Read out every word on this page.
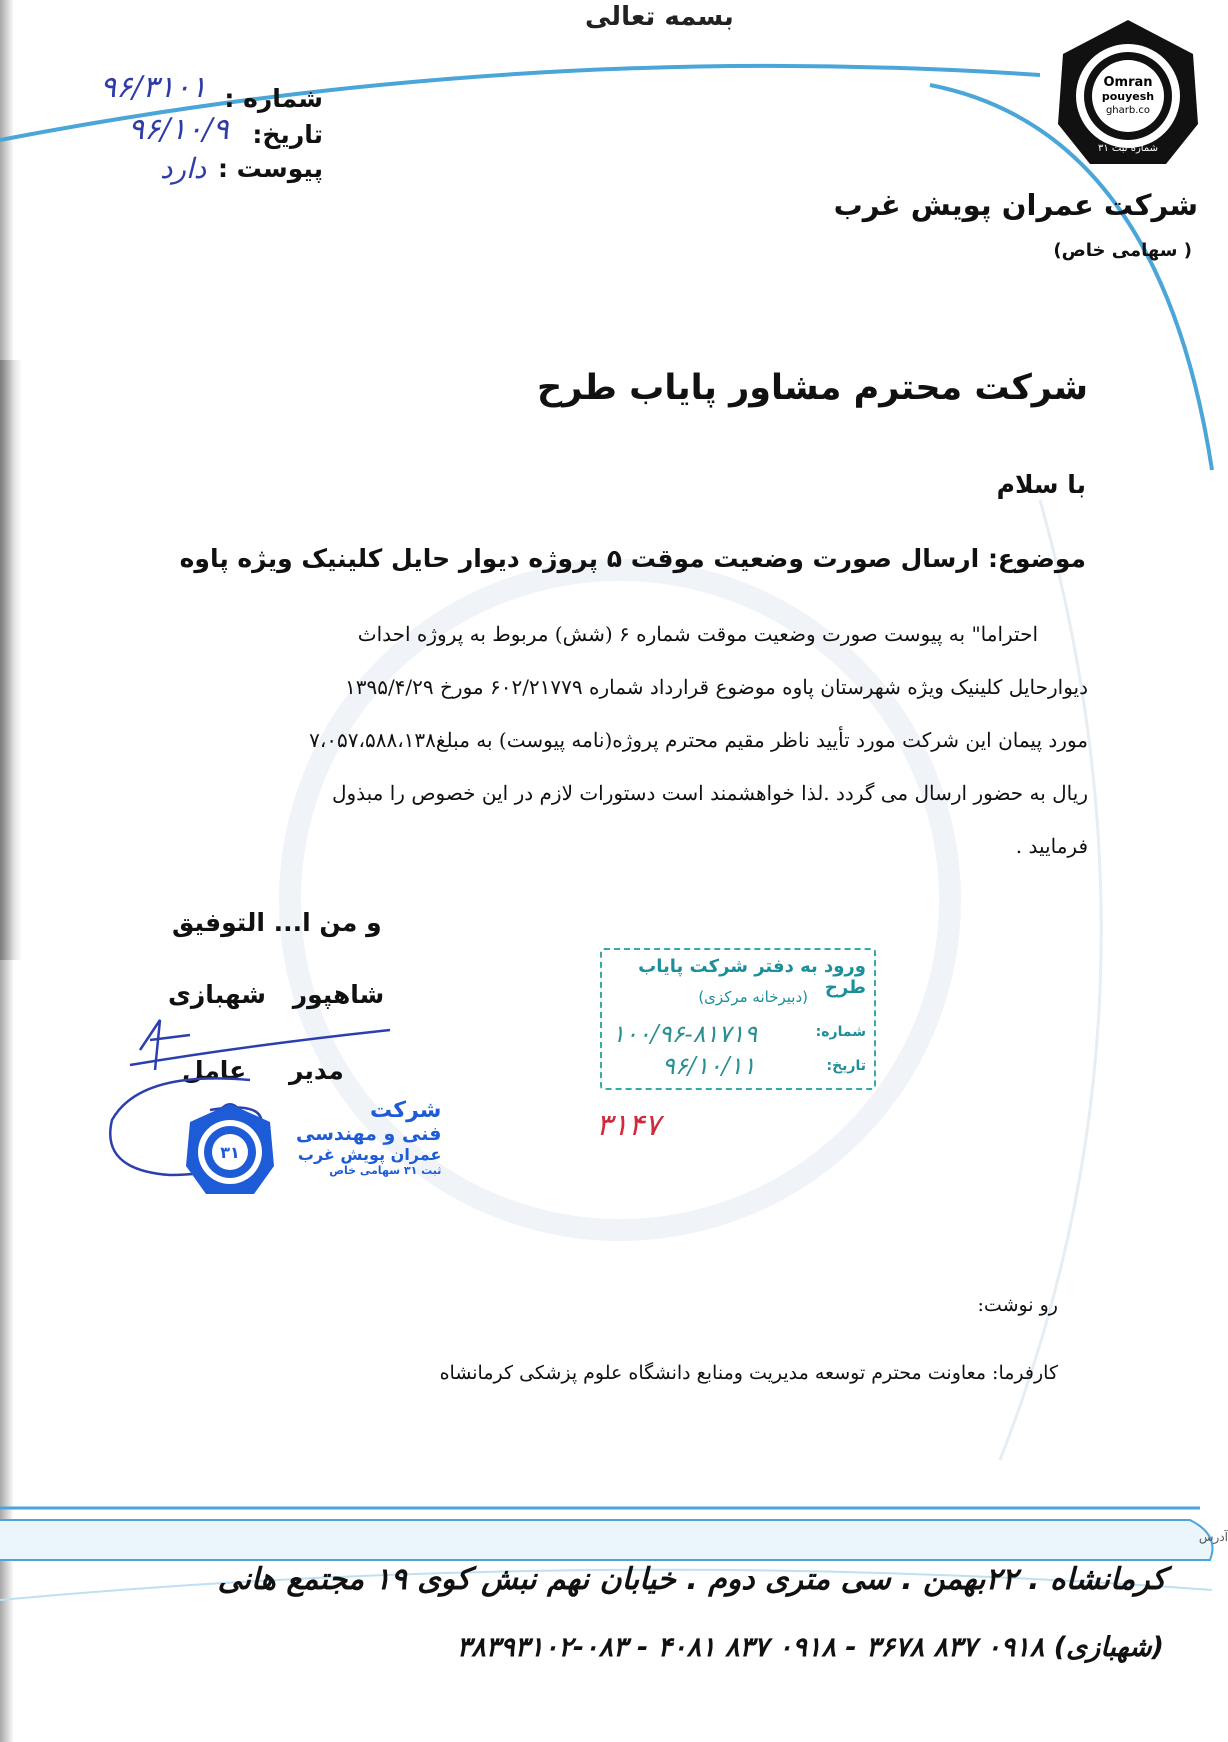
بسمه تعالی
Omran
pouyesh
gharb.co
شماره ثبت ۳۱
شرکت عمران پویش غرب
( سهامی خاص)
شماره :
۹۶/۳۱۰۱
تاریخ:
۹۶/۱۰/۹
پیوست :
دارد
شرکت محترم مشاور پایاب طرح
با سلام
موضوع: ارسال صورت وضعیت موقت ۵ پروژه دیوار حایل کلینیک ویژه پاوه

احتراما" به پیوست صورت وضعیت موقت شماره ۶ (شش) مربوط به پروژه احداث

دیوارحایل کلینیک ویژه شهرستان پاوه موضوع قرارداد شماره ۶۰۲/۲۱۷۷۹ مورخ ۱۳۹۵/۴/۲۹

مورد پیمان این شرکت مورد تأیید ناظر مقیم محترم پروژه(نامه پیوست) به مبلغ۷،۰۵۷،۵۸۸،۱۳۸

ریال به حضور ارسال می گردد .لذا خواهشمند است دستورات لازم در این خصوص را مبذول

فرمایید .

و من ا... التوفیق
شاهپور شهبازی
مدیر عامل
۳۱
شرکت
فنی و مهندسی
عمران پویش غرب
ثبت ۳۱ سهامی خاص
ورود به دفتر شرکت پایاب طرح
(دبیرخانه مرکزی)
شماره:
۱۰۰/۹۶-۸۱۷۱۹
تاریخ:
۹۶/۱۰/۱۱
۳۱۴۷
رو نوشت:
کارفرما: معاونت محترم توسعه مدیریت ومنابع دانشگاه علوم پزشکی کرمانشاه
آدرس
کرمانشاه . ۲۲بهمن . سی متری دوم . خیابان نهم نبش کوی ۱۹ مجتمع هانی
(شهبازی) ۰۹۱۸ ۸۳۷ ۳۶۷۸ - ۰۹۱۸ ۸۳۷ ۴۰۸۱ - ۰۸۳-۳۸۳۹۳۱۰۲
